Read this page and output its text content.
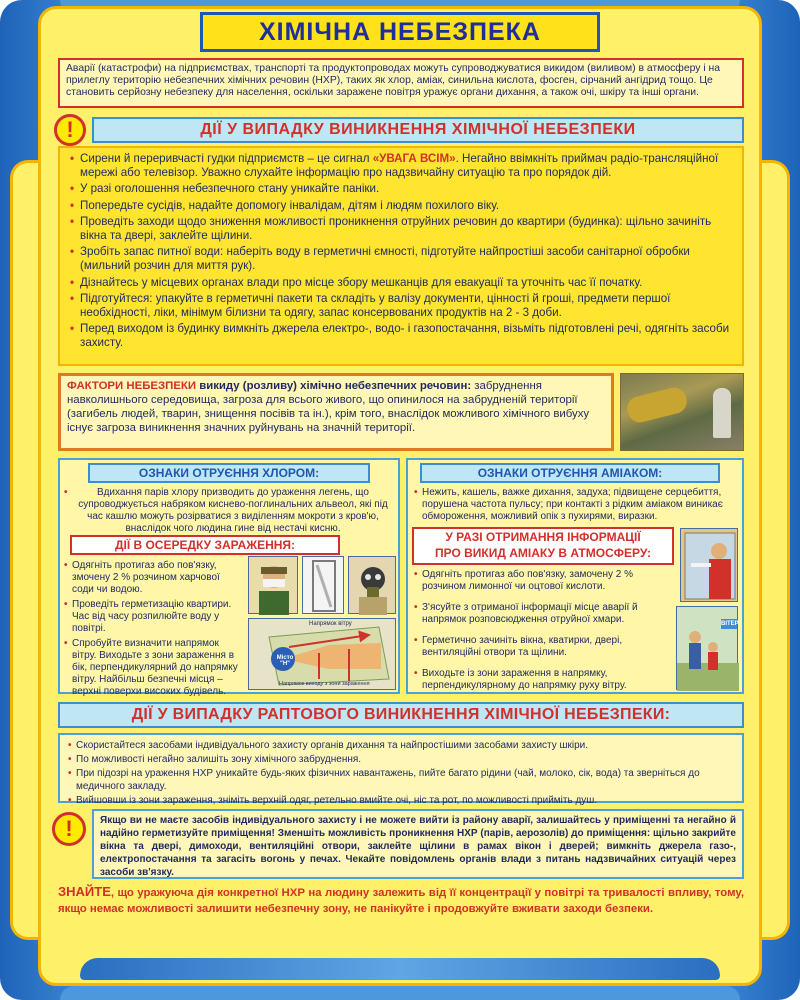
ХІМІЧНА НЕБЕЗПЕКА
Аварії (катастрофи) на підприємствах, транспорті та продуктопроводах можуть супроводжуватися викидом (виливом) в атмосферу і на прилеглу територію небезпечних хімічних речовин (НХР), таких як хлор, аміак, синильна кислота, фосген, сірчаний ангідрид тощо. Це становить серйозну небезпеку для населення, оскільки заражене повітря уражує органи дихання, а також очі, шкіру та інші органи.
!	ДІЇ У ВИПАДКУ ВИНИКНЕННЯ ХІМІЧНОЇ НЕБЕЗПЕКИ
• Сирени й переривчасті гудки підприємств – це сигнал «УВАГА ВСІМ». Негайно ввімкніть приймач радіо-трансляційної мережі або телевізор. Уважно слухайте інформацію про надзвичайну ситуацію та про порядок дій.
• У разі оголошення небезпечного стану уникайте паніки.
• Попередьте сусідів, надайте допомогу інвалідам, дітям і людям похилого віку.
• Проведіть заходи щодо зниження можливості проникнення отруйних речовин до квартири (будинка): щільно зачиніть вікна та двері, заклейте щілини.
• Зробіть запас питної води: наберіть воду в герметичні ємності, підготуйте найпростіші засоби санітарної обробки (мильний розчин для миття рук).
• Дізнайтесь у місцевих органах влади про місце збору мешканців для евакуації та уточніть час її початку.
• Підготуйтеся: упакуйте в герметичні пакети та складіть у валізу документи, цінності й гроші, предмети першої необхідності, ліки, мінімум білизни та одягу, запас консервованих продуктів на 2 - 3 доби.
• Перед виходом із будинку вимкніть джерела електро-, водо- і газопостачання, візьміть підготовлені речі, одягніть засоби захисту.
ФАКТОРИ НЕБЕЗПЕКИ викиду (розливу) хімічно небезпечних речовин: забруднення навколишнього середовища, загроза для всього живого, що опинилося на забрудненій території (загибель людей, тварин, знищення посівів та ін.), крім того, внаслідок можливого хімічного вибуху існує загроза виникнення значних руйнувань на значній території.
ОЗНАКИ ОТРУЄННЯ ХЛОРОМ:
• Вдихання парів хлору призводить до ураження легень, що супроводжується набряком киснево-поглинальних альвеол, які під час кашлю можуть розірватися з виділенням мокроти з кров'ю, внаслідок чого людина гине від нестачі кисню.
ДІЇ В ОСЕРЕДКУ ЗАРАЖЕННЯ:
• Одягніть протигаз або пов'язку, змочену 2 % розчином харчової соди чи водою.
• Проведіть герметизацію квартири. Час від часу розпилюйте воду у повітрі.
• Спробуйте визначити напрямок вітру. Виходьте з зони зараження в бік, перпендикулярний до напрямку вітру. Найбільш безпечні місця – верхні поверхи високих будівель.
Напрямок вітру
Місто "Н"
Напрямок виходу з зони зараження
ОЗНАКИ ОТРУЄННЯ АМІАКОМ:
• Нежить, кашель, важке дихання, задуха; підвищене серцебиття, порушена частота пульсу; при контакті з рідким аміаком виникає обмороження, можливий опік з пухирями, виразки.
У РАЗІ ОТРИМАННЯ ІНФОРМАЦІЇ
ПРО ВИКИД АМІАКУ В АТМОСФЕРУ:
• Одягніть протигаз або пов'язку, замочену 2 % розчином лимонної чи оцтової кислоти.
• З'ясуйте з отриманої інформації місце аварії й напрямок розповсюдження отруйної хмари.
• Герметично зачиніть вікна, кватирки, двері, вентиляційні отвори та щілини.
• Виходьте із зони зараження в напрямку, перпендикулярному до напрямку руху вітру.
ВІТЕР
ДІЇ У ВИПАДКУ РАПТОВОГО ВИНИКНЕННЯ ХІМІЧНОЇ НЕБЕЗПЕКИ:
• Скористайтеся засобами індивідуального захисту органів дихання та найпростішими засобами захисту шкіри.
• По можливості негайно залишіть зону хімічного забруднення.
• При підозрі на ураження НХР уникайте будь-яких фізичних навантажень, пийте багато рідини (чай, молоко, сік, вода) та зверніться до медичного закладу.
• Вийшовши із зони зараження, зніміть верхній одяг, ретельно вмийте очі, ніс та рот, по можливості прийміть душ.
!	Якщо ви не маєте засобів індивідуального захисту і не можете вийти із району аварії, залишайтесь у приміщенні та негайно й надійно герметизуйте приміщення! Зменшіть можливість проникнення НХР (парів, аерозолів) до приміщення: щільно закрийте вікна та двері, димоходи, вентиляційні отвори, заклейте щілини в рамах вікон і дверей; вимкніть джерела газо-, електропостачання та загасіть вогонь у печах. Чекайте повідомлень органів влади з питань надзвичайних ситуацій через засоби зв'язку.
ЗНАЙТЕ, що уражуюча дія конкретної НХР на людину залежить від її концентрації у повітрі та тривалості впливу, тому, якщо немає можливості залишити небезпечну зону, не панікуйте і продовжуйте вживати заходи безпеки.
